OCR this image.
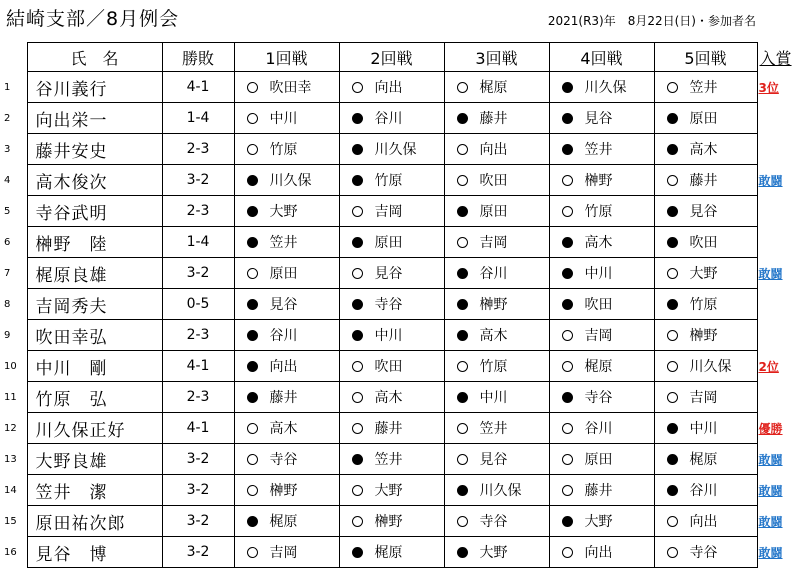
結崎支部／8月例会	2021(R3)年　8月22日(日)・参加者名
	氏　名	勝敗	1回戦	2回戦	3回戦	4回戦	5回戦	入賞
1	谷川義行	4-1	吹田幸	向出	梶原	川久保	笠井	3位
2	向出栄一	1-4	中川	谷川	藤井	見谷	原田	
3	藤井安史	2-3	竹原	川久保	向出	笠井	高木	
4	高木俊次	3-2	川久保	竹原	吹田	榊野	藤井	敢闘
5	寺谷武明	2-3	大野	吉岡	原田	竹原	見谷	
6	榊野　陸	1-4	笠井	原田	吉岡	高木	吹田	
7	梶原良雄	3-2	原田	見谷	谷川	中川	大野	敢闘
8	吉岡秀夫	0-5	見谷	寺谷	榊野	吹田	竹原	
9	吹田幸弘	2-3	谷川	中川	高木	吉岡	榊野	
10	中川　剛	4-1	向出	吹田	竹原	梶原	川久保	2位
11	竹原　弘	2-3	藤井	高木	中川	寺谷	吉岡	
12	川久保正好	4-1	高木	藤井	笠井	谷川	中川	優勝
13	大野良雄	3-2	寺谷	笠井	見谷	原田	梶原	敢闘
14	笠井　潔	3-2	榊野	大野	川久保	藤井	谷川	敢闘
15	原田祐次郎	3-2	梶原	榊野	寺谷	大野	向出	敢闘
16	見谷　博	3-2	吉岡	梶原	大野	向出	寺谷	敢闘
